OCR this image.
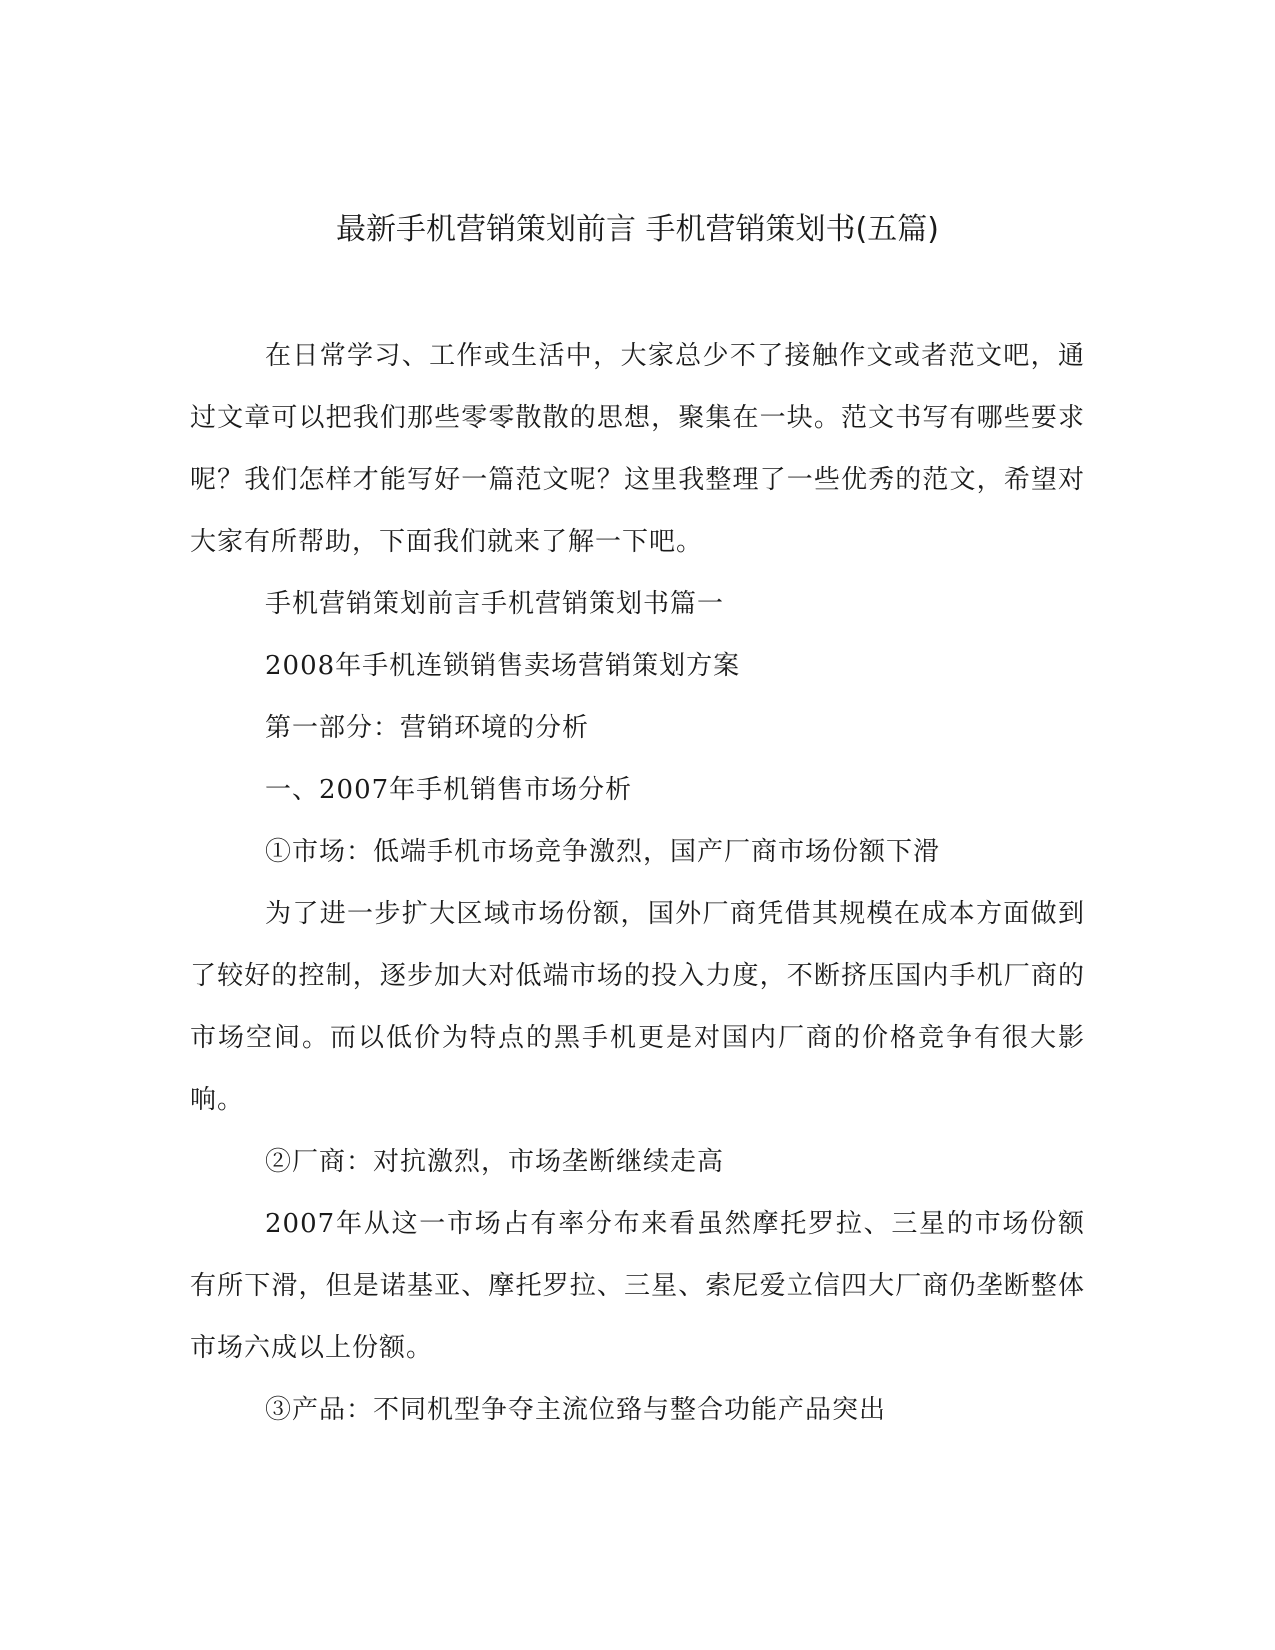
最新手机营销策划前言 手机营销策划书(五篇)

在日常学习、工作或生活中，大家总少不了接触作文或者范文吧，通过文章可以把我们那些零零散散的思想，聚集在一块。范文书写有哪些要求呢？我们怎样才能写好一篇范文呢？这里我整理了一些优秀的范文，希望对大家有所帮助，下面我们就来了解一下吧。

手机营销策划前言手机营销策划书篇一

2008年手机连锁销售卖场营销策划方案

第一部分：营销环境的分析

一、2007年手机销售市场分析

①市场：低端手机市场竞争激烈，国产厂商市场份额下滑

为了进一步扩大区域市场份额，国外厂商凭借其规模在成本方面做到了较好的控制，逐步加大对低端市场的投入力度，不断挤压国内手机厂商的市场空间。而以低价为特点的黑手机更是对国内厂商的价格竞争有很大影响。

②厂商：对抗激烈，市场垄断继续走高

2007年从这一市场占有率分布来看虽然摩托罗拉、三星的市场份额有所下滑，但是诺基亚、摩托罗拉、三星、索尼爱立信四大厂商仍垄断整体市场六成以上份额。

③产品：不同机型争夺主流位臵与整合功能产品突出
